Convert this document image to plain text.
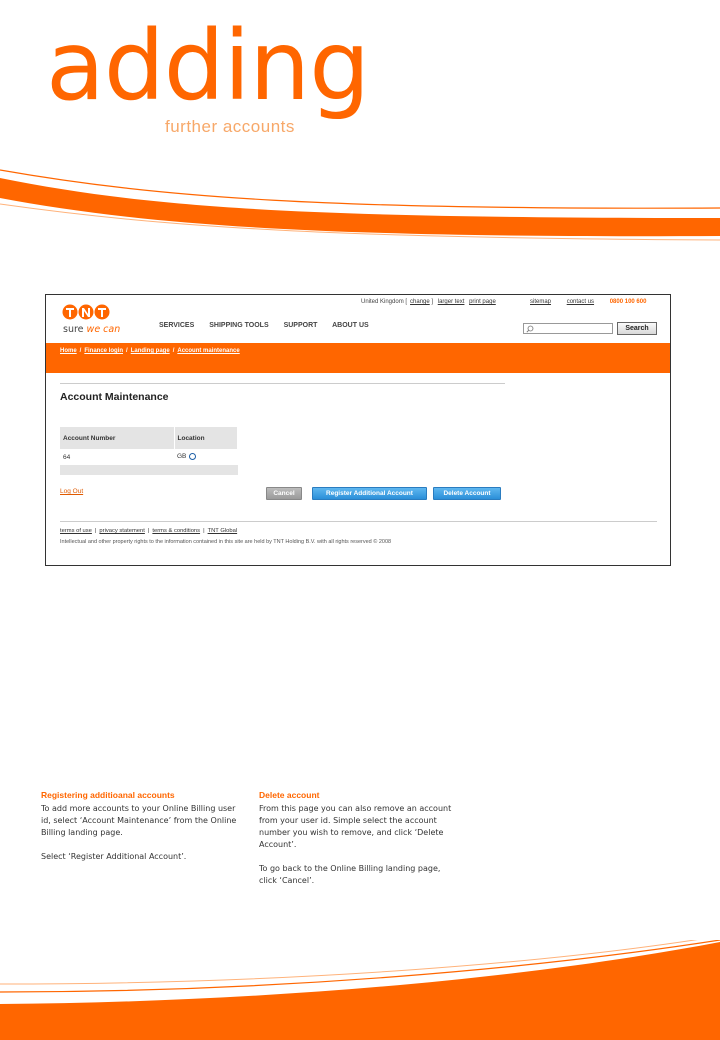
adding
further accounts
sure we can
United Kingdom [ change ] larger text print page	sitemap	contact us	0800 100 600
SERVICES SHIPPING TOOLS SUPPORT ABOUT US	Search
Home / Finance login / Landing page / Account maintenance
Account Maintenance
Account Number	Location
64	GB

Log Out	Cancel	Register Additional Account	Delete Account
terms of use | privacy statement | terms & conditions | TNT Global
Intellectual and other property rights to the information contained in this site are held by TNT Holding B.V. with all rights reserved © 2008
Registering additioanal accounts

To add more accounts to your Online Billing user id, select ‘Account Maintenance’ from the Online Billing landing page.

Select ‘Register Additional Account’.

Delete account

From this page you can also remove an account from your user id. Simple select the account number you wish to remove, and click ‘Delete Account’.

To go back to the Online Billing landing page, click ‘Cancel’.
